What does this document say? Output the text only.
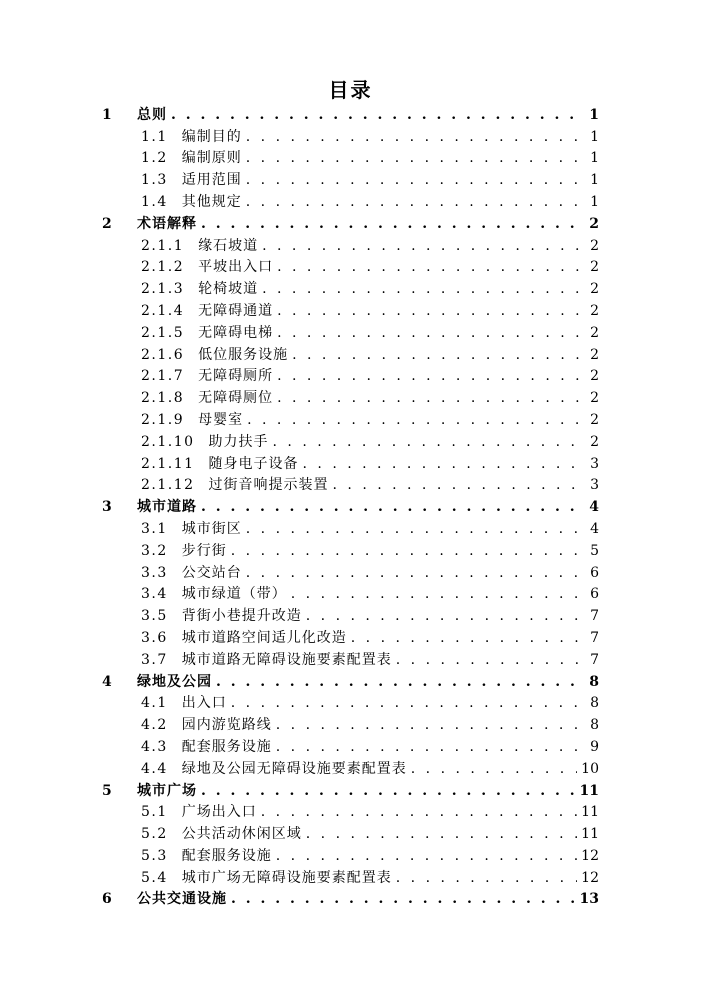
目录
1	总则 . . .	1
1.1 编制目的 . . .	1
1.2 编制原则 . . .	1
1.3 适用范围 . . .	1
1.4 其他规定 . . .	1
2	术语解释 . . .	2
2.1.1 缘石坡道 . . .	2
2.1.2 平坡出入口 . . .	2
2.1.3 轮椅坡道 . . .	2
2.1.4 无障碍通道 . . .	2
2.1.5 无障碍电梯 . . .	2
2.1.6 低位服务设施 . . .	2
2.1.7 无障碍厕所 . . .	2
2.1.8 无障碍厕位 . . .	2
2.1.9 母婴室 . . .	2
2.1.10 助力扶手 . . .	2
2.1.11 随身电子设备 . . .	3
2.1.12 过街音响提示装置 . . .	3
3	城市道路 . . .	4
3.1 城市街区 . . .	4
3.2 步行街 . . .	5
3.3 公交站台 . . .	6
3.4 城市绿道（带） . . .	6
3.5 背街小巷提升改造 . . .	7
3.6 城市道路空间适儿化改造 . . .	7
3.7 城市道路无障碍设施要素配置表 . . .	7
4	绿地及公园 . . .	8
4.1 出入口 . . .	8
4.2 园内游览路线 . . .	8
4.3 配套服务设施 . . .	9
4.4 绿地及公园无障碍设施要素配置表 . . .	10
5	城市广场 . . .	11
5.1 广场出入口 . . .	11
5.2 公共活动休闲区域 . . .	11
5.3 配套服务设施 . . .	12
5.4 城市广场无障碍设施要素配置表 . . .	12
6	公共交通设施 . . .	13
